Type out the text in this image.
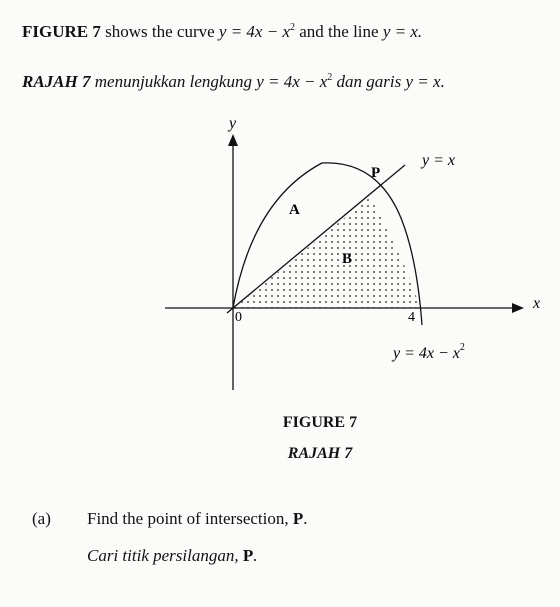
FIGURE 7 shows the curve $y = 4x - x^2$ and the line y = x.
RAJAH 7 menunjukkan lengkung $y = 4x - x^2$ dan garis y = x.
y
x
0	4
P
y = x
A
B
$y = 4x - x^2$
FIGURE 7
RAJAH 7
(a) Find the point of intersection, P.
Cari titik persilangan, P.
